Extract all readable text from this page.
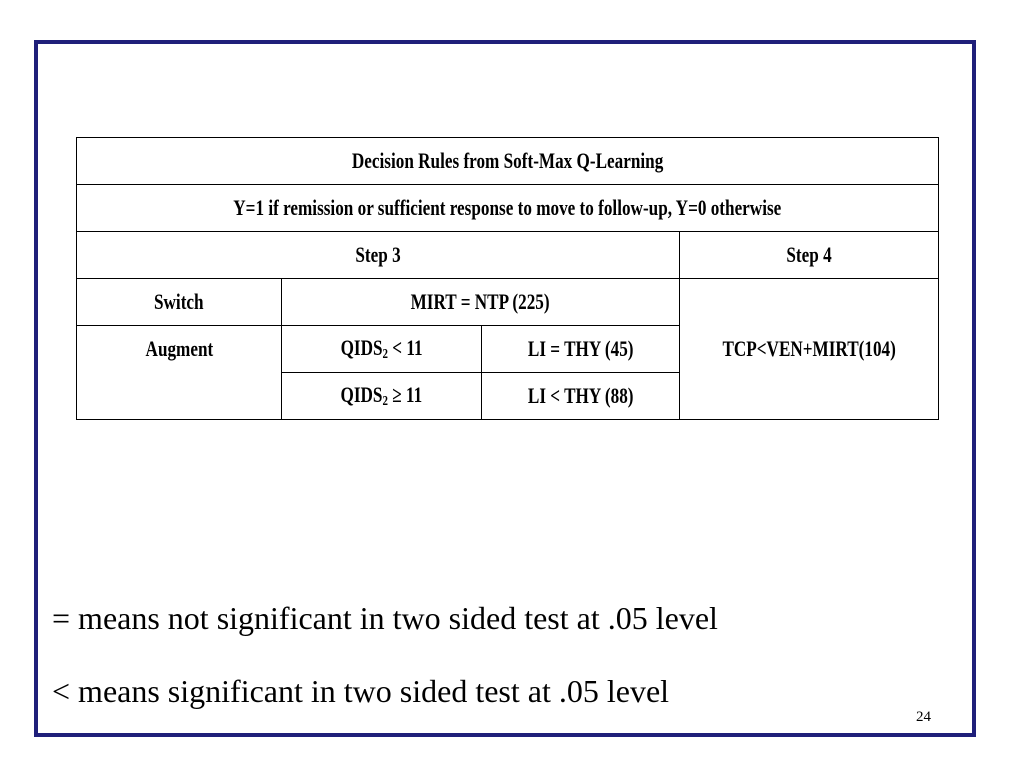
Decision Rules from Soft-Max Q-Learning			
Y=1 if remission or sufficient response to move to follow-up, Y=0 otherwise			
Step 3			Step 4
Switch	MIRT = NTP (225)		TCP<VEN+MIRT(104)
Augment	$QIDS_2 < 11$	LI = THY (45)	
	$QIDS_2 \ge 11$	LI < THY (88)	
= means not significant in two sided test at .05 level
< means significant in two sided test at .05 level
24
